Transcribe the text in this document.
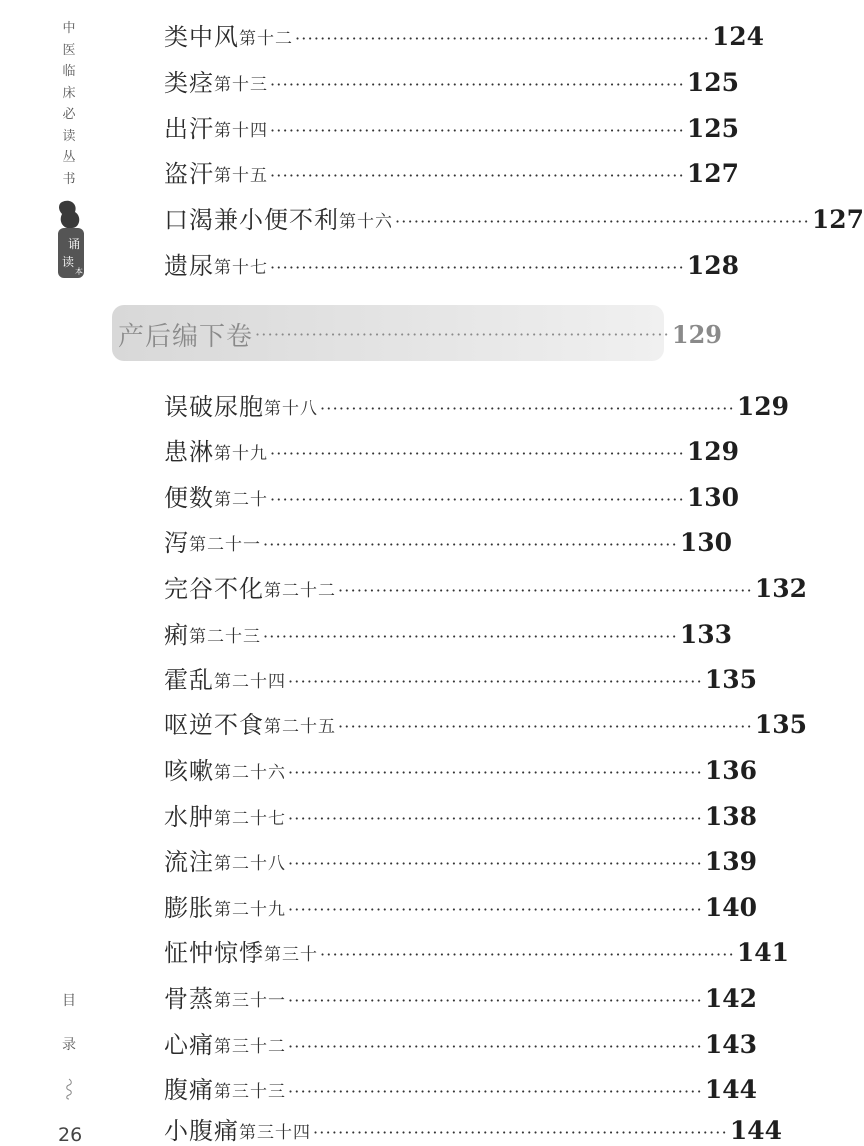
中
医
临
床
必
读
丛
书
诵
读
本
目
录
26
产后编下卷 ·································································· 129
类中风 第十二 ·································································· 124
类痉 第十三 ·································································· 125
出汗 第十四 ·································································· 125
盗汗 第十五 ·································································· 127
口渴兼小便不利 第十六 ·································································· 127
遗尿 第十七 ·································································· 128
误破尿胞 第十八 ·································································· 129
患淋 第十九 ·································································· 129
便数 第二十 ·································································· 130
泻 第二十一 ·································································· 130
完谷不化 第二十二 ·································································· 132
痢 第二十三 ·································································· 133
霍乱 第二十四 ·································································· 135
呕逆不食 第二十五 ·································································· 135
咳嗽 第二十六 ·································································· 136
水肿 第二十七 ·································································· 138
流注 第二十八 ·································································· 139
膨胀 第二十九 ·································································· 140
怔忡惊悸 第三十 ·································································· 141
骨蒸 第三十一 ·································································· 142
心痛 第三十二 ·································································· 143
腹痛 第三十三 ·································································· 144
小腹痛 第三十四 ·································································· 144
